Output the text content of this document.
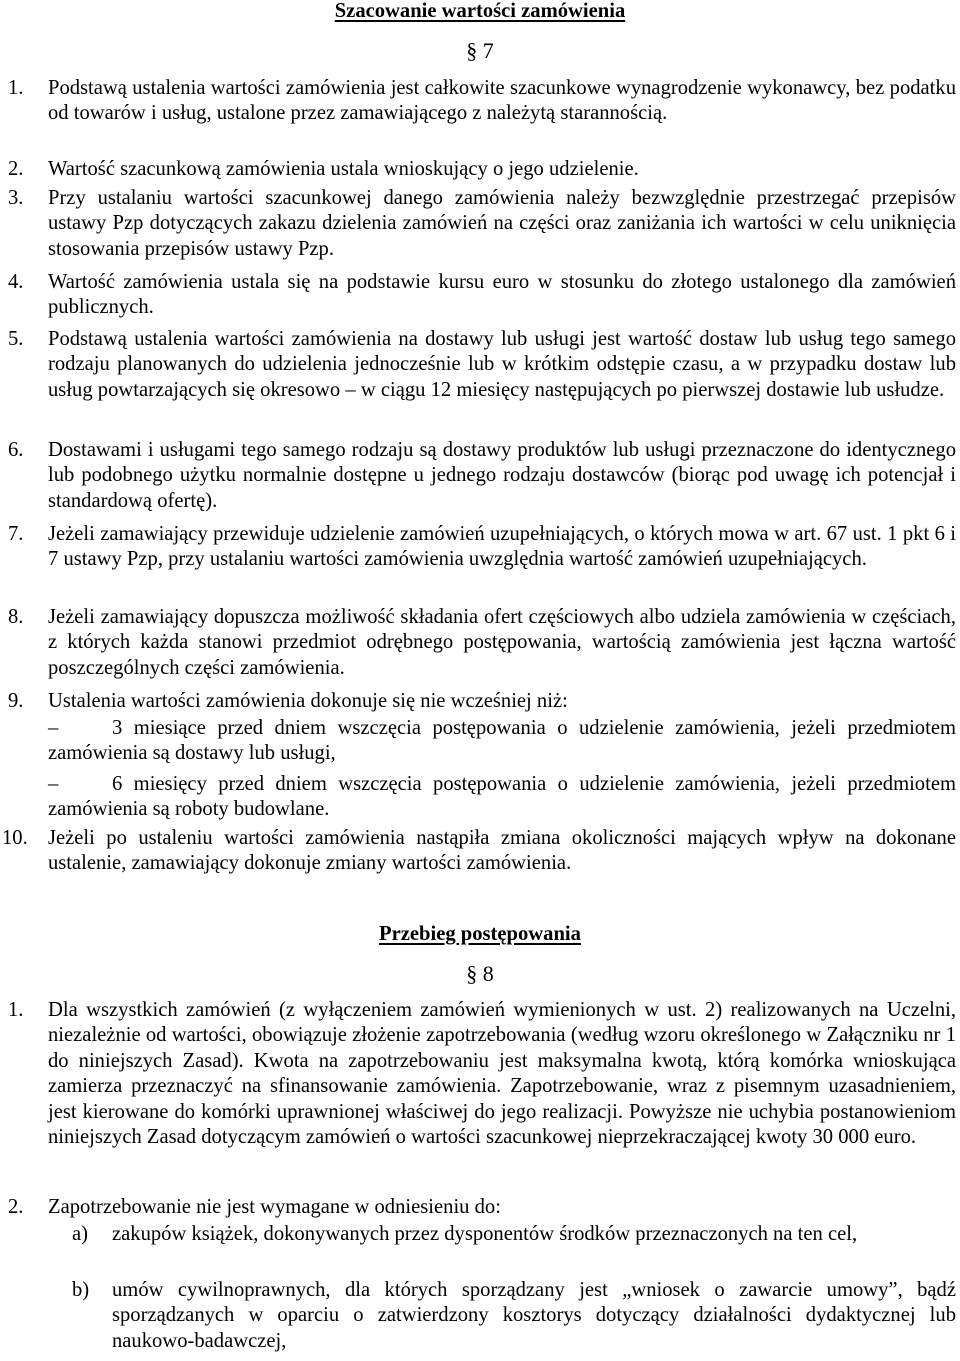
Szacowanie wartości zamówienia
§ 7
1. Podstawą ustalenia wartości zamówienia jest całkowite szacunkowe wynagrodzenie wykonawcy, bez podatku od towarów i usług, ustalone przez zamawiającego z należytą starannością.
2. Wartość szacunkową zamówienia ustala wnioskujący o jego udzielenie.
3. Przy ustalaniu wartości szacunkowej danego zamówienia należy bezwzględnie przestrzegać przepisów ustawy Pzp dotyczących zakazu dzielenia zamówień na części oraz zaniżania ich wartości w celu uniknięcia stosowania przepisów ustawy Pzp.
4. Wartość zamówienia ustala się na podstawie kursu euro w stosunku do złotego ustalonego dla zamówień publicznych.
5. Podstawą ustalenia wartości zamówienia na dostawy lub usługi jest wartość dostaw lub usług tego samego rodzaju planowanych do udzielenia jednocześnie lub w krótkim odstępie czasu, a w przypadku dostaw lub usług powtarzających się okresowo – w ciągu 12 miesięcy następujących po pierwszej dostawie lub usłudze.
6. Dostawami i usługami tego samego rodzaju są dostawy produktów lub usługi przeznaczone do identycznego lub podobnego użytku normalnie dostępne u jednego rodzaju dostawców (biorąc pod uwagę ich potencjał i standardową ofertę).
7. Jeżeli zamawiający przewiduje udzielenie zamówień uzupełniających, o których mowa w art. 67 ust. 1 pkt 6 i 7 ustawy Pzp, przy ustalaniu wartości zamówienia uwzględnia wartość zamówień uzupełniających.
8. Jeżeli zamawiający dopuszcza możliwość składania ofert częściowych albo udziela zamówienia w częściach, z których każda stanowi przedmiot odrębnego postępowania, wartością zamówienia jest łączna wartość poszczególnych części zamówienia.
9. Ustalenia wartości zamówienia dokonuje się nie wcześniej niż:
–	3 miesiące przed dniem wszczęcia postępowania o udzielenie zamówienia, jeżeli przedmiotem zamówienia są dostawy lub usługi,
–	6 miesięcy przed dniem wszczęcia postępowania o udzielenie zamówienia, jeżeli przedmiotem zamówienia są roboty budowlane.
10. Jeżeli po ustaleniu wartości zamówienia nastąpiła zmiana okoliczności mających wpływ na dokonane ustalenie, zamawiający dokonuje zmiany wartości zamówienia.
Przebieg postępowania
§ 8
1. Dla wszystkich zamówień (z wyłączeniem zamówień wymienionych w ust. 2) realizowanych na Uczelni, niezależnie od wartości, obowiązuje złożenie zapotrzebowania (według wzoru określonego w Załączniku nr 1 do niniejszych Zasad). Kwota na zapotrzebowaniu jest maksymalna kwotą, którą komórka wnioskująca zamierza przeznaczyć na sfinansowanie zamówienia. Zapotrzebowanie, wraz z pisemnym uzasadnieniem, jest kierowane do komórki uprawnionej właściwej do jego realizacji. Powyższe nie uchybia postanowieniom niniejszych Zasad dotyczącym zamówień o wartości szacunkowej nieprzekraczającej kwoty 30 000 euro.
2. Zapotrzebowanie nie jest wymagane w odniesieniu do:
a) zakupów książek, dokonywanych przez dysponentów środków przeznaczonych na ten cel,
b) umów cywilnoprawnych, dla których sporządzany jest „wniosek o zawarcie umowy”, bądź sporządzanych w oparciu o zatwierdzony kosztorys dotyczący działalności dydaktycznej lub naukowo-badawczej,
